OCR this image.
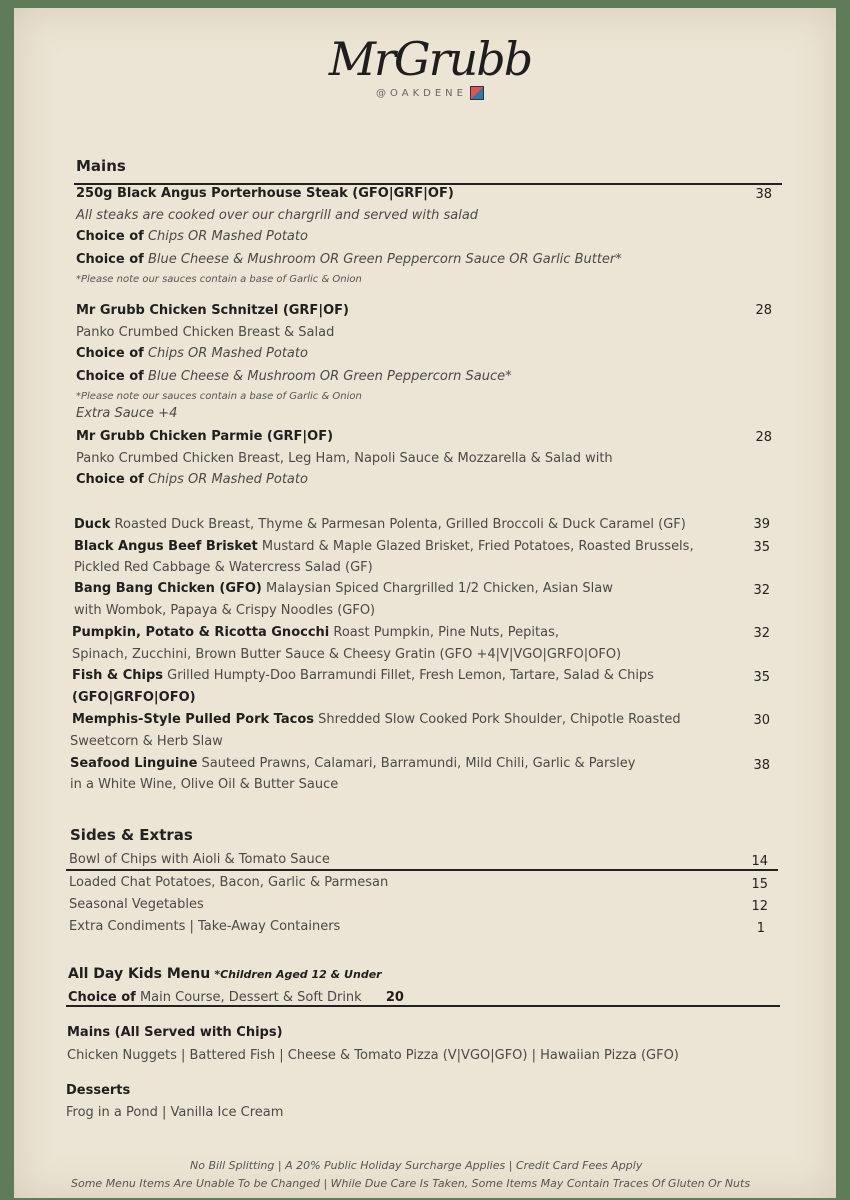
MrGrubb
@OAKDENE
Mains
250g Black Angus Porterhouse Steak (GFO|GRF|OF)	38
All steaks are cooked over our chargrill and served with salad
Choice of Chips OR Mashed Potato
Choice of Blue Cheese & Mushroom OR Green Peppercorn Sauce OR Garlic Butter*
*Please note our sauces contain a base of Garlic & Onion
Mr Grubb Chicken Schnitzel (GRF|OF)	28
Panko Crumbed Chicken Breast & Salad
Choice of Chips OR Mashed Potato
Choice of Blue Cheese & Mushroom OR Green Peppercorn Sauce*
*Please note our sauces contain a base of Garlic & Onion
Extra Sauce +4
Mr Grubb Chicken Parmie (GRF|OF)	28
Panko Crumbed Chicken Breast, Leg Ham, Napoli Sauce & Mozzarella & Salad with
Choice of Chips OR Mashed Potato
Duck Roasted Duck Breast, Thyme & Parmesan Polenta, Grilled Broccoli & Duck Caramel (GF)	39
Black Angus Beef Brisket Mustard & Maple Glazed Brisket, Fried Potatoes, Roasted Brussels,	35
Pickled Red Cabbage & Watercress Salad (GF)
Bang Bang Chicken (GFO) Malaysian Spiced Chargrilled 1/2 Chicken, Asian Slaw	32
with Wombok, Papaya & Crispy Noodles (GFO)
Pumpkin, Potato & Ricotta Gnocchi Roast Pumpkin, Pine Nuts, Pepitas,	32
Spinach, Zucchini, Brown Butter Sauce & Cheesy Gratin (GFO +4|V|VGO|GRFO|OFO)
Fish & Chips Grilled Humpty-Doo Barramundi Fillet, Fresh Lemon, Tartare, Salad & Chips	35
(GFO|GRFO|OFO)
Memphis-Style Pulled Pork Tacos Shredded Slow Cooked Pork Shoulder, Chipotle Roasted	30
Sweetcorn & Herb Slaw
Seafood Linguine Sauteed Prawns, Calamari, Barramundi, Mild Chili, Garlic & Parsley	38
in a White Wine, Olive Oil & Butter Sauce
Sides & Extras
Bowl of Chips with Aioli & Tomato Sauce	14
Loaded Chat Potatoes, Bacon, Garlic & Parmesan	15
Seasonal Vegetables	12
Extra Condiments | Take-Away Containers	1
All Day Kids Menu *Children Aged 12 & Under
Choice of Main Course, Dessert & Soft Drink 20
Mains (All Served with Chips)
Chicken Nuggets | Battered Fish | Cheese & Tomato Pizza (V|VGO|GFO) | Hawaiian Pizza (GFO)
Desserts
Frog in a Pond | Vanilla Ice Cream
No Bill Splitting | A 20% Public Holiday Surcharge Applies | Credit Card Fees Apply
Some Menu Items Are Unable To be Changed | While Due Care Is Taken, Some Items May Contain Traces Of Gluten Or Nuts
